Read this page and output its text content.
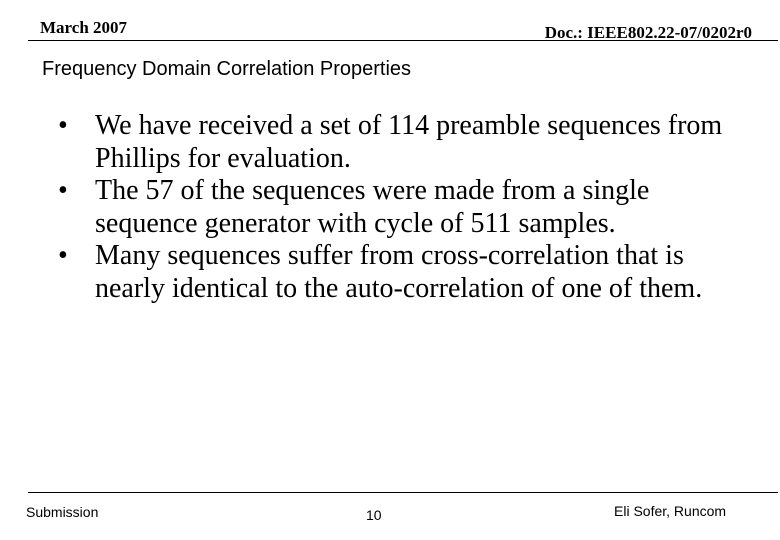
March 2007	Doc.: IEEE802.22-07/0202r0
Frequency Domain Correlation Properties
• We have received a set of 114 preamble sequences from Phillips for evaluation.
• The 57 of the sequences were made from a single sequence generator with cycle of 511 samples.
• Many sequences suffer from cross-correlation that is nearly identical to the auto-correlation of one of them.
Submission	10	Eli Sofer, Runcom
